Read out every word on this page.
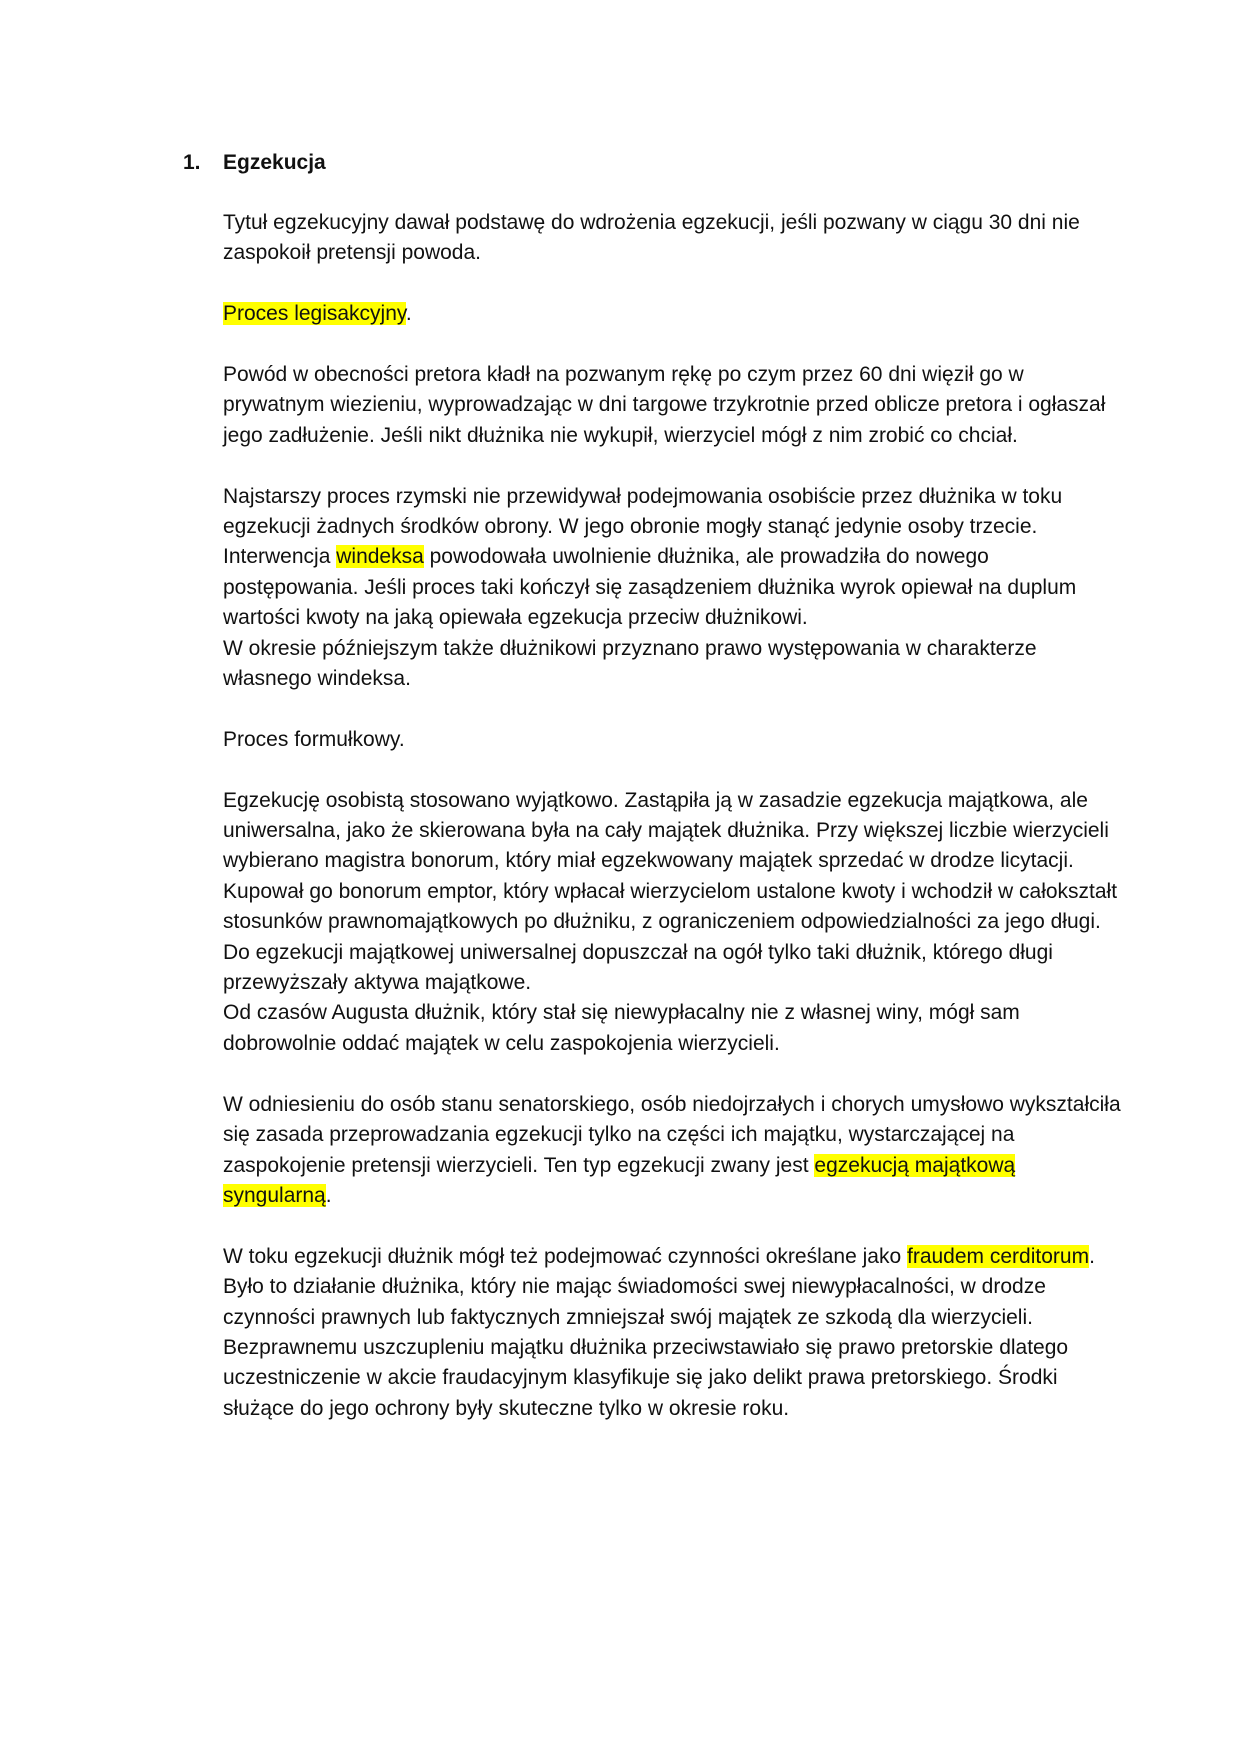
1. Egzekucja

Tytuł egzekucyjny dawał podstawę do wdrożenia egzekucji, jeśli pozwany w ciągu 30 dni nie zaspokoił pretensji powoda.

Proces legisakcyjny.

Powód w obecności pretora kładł na pozwanym rękę po czym przez 60 dni więził go w prywatnym wiezieniu, wyprowadzając w dni targowe trzykrotnie przed oblicze pretora i ogłaszał jego zadłużenie. Jeśli nikt dłużnika nie wykupił, wierzyciel mógł z nim zrobić co chciał.

Najstarszy proces rzymski nie przewidywał podejmowania osobiście przez dłużnika w toku egzekucji żadnych środków obrony. W jego obronie mogły stanąć jedynie osoby trzecie.

Interwencja windeksa powodowała uwolnienie dłużnika, ale prowadziła do nowego postępowania. Jeśli proces taki kończył się zasądzeniem dłużnika wyrok opiewał na duplum wartości kwoty na jaką opiewała egzekucja przeciw dłużnikowi.

W okresie późniejszym także dłużnikowi przyznano prawo występowania w charakterze własnego windeksa.

Proces formułkowy.

Egzekucję osobistą stosowano wyjątkowo. Zastąpiła ją w zasadzie egzekucja majątkowa, ale uniwersalna, jako że skierowana była na cały majątek dłużnika. Przy większej liczbie wierzycieli wybierano magistra bonorum, który miał egzekwowany majątek sprzedać w drodze licytacji. Kupował go bonorum emptor, który wpłacał wierzycielom ustalone kwoty i wchodził w całokształt stosunków prawnomajątkowych po dłużniku, z ograniczeniem odpowiedzialności za jego długi.

Do egzekucji majątkowej uniwersalnej dopuszczał na ogół tylko taki dłużnik, którego długi przewyższały aktywa majątkowe.

Od czasów Augusta dłużnik, który stał się niewypłacalny nie z własnej winy, mógł sam dobrowolnie oddać majątek w celu zaspokojenia wierzycieli.

W odniesieniu do osób stanu senatorskiego, osób niedojrzałych i chorych umysłowo wykształciła się zasada przeprowadzania egzekucji tylko na części ich majątku, wystarczającej na zaspokojenie pretensji wierzycieli. Ten typ egzekucji zwany jest egzekucją majątkową syngularną.

W toku egzekucji dłużnik mógł też podejmować czynności określane jako fraudem cerditorum. Było to działanie dłużnika, który nie mając świadomości swej niewypłacalności, w drodze czynności prawnych lub faktycznych zmniejszał swój majątek ze szkodą dla wierzycieli.

Bezprawnemu uszczupleniu majątku dłużnika przeciwstawiało się prawo pretorskie dlatego uczestniczenie w akcie fraudacyjnym klasyfikuje się jako delikt prawa pretorskiego. Środki służące do jego ochrony były skuteczne tylko w okresie roku.
